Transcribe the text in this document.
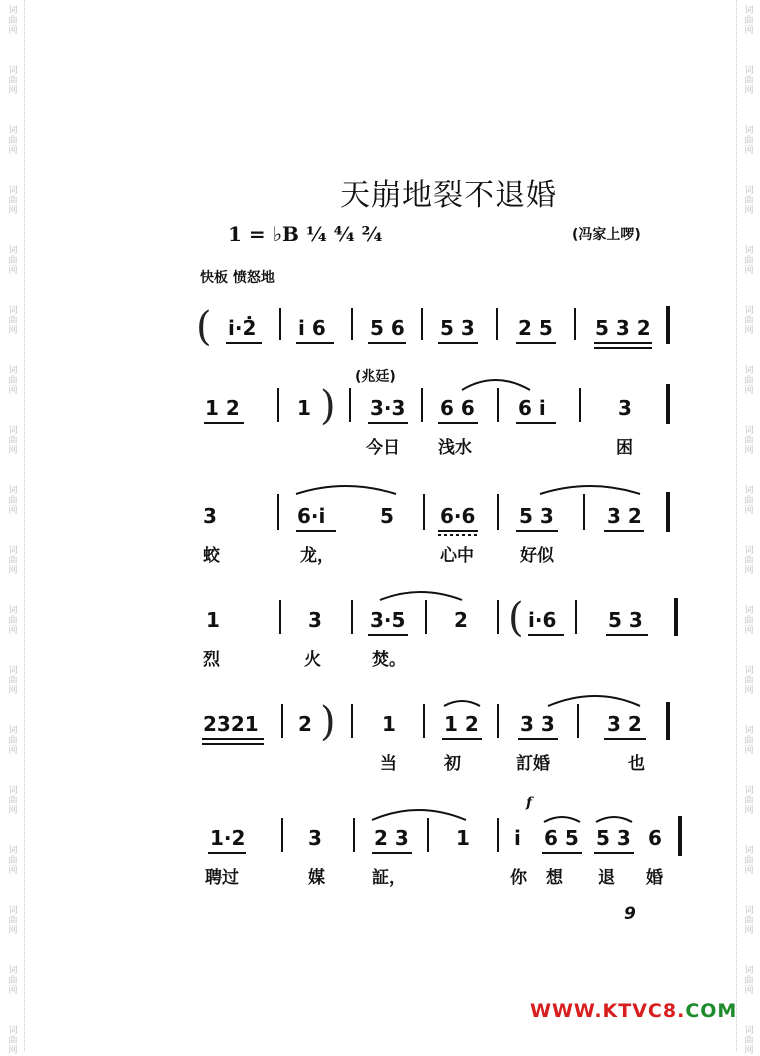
词
曲
网
词
曲
网
词
曲
网
词
曲
网
词
曲
网
词
曲
网
词
曲
网
词
曲
网
词
曲
网
词
曲
网
词
曲
网
词
曲
网
词
曲
网
词
曲
网
词
曲
网
词
曲
网
词
曲
网
词
曲
网
词
曲
网
词
曲
网
词
曲
网
词
曲
网
词
曲
网
词
曲
网
词
曲
网
词
曲
网
词
曲
网
词
曲
网
词
曲
网
词
曲
网
词
曲
网
词
曲
网
词
曲
网
词
曲
网
词
曲
网
词
曲
网
天崩地裂不退婚
1 = ♭B ¼ ⁴⁄₄ ²⁄₄	(冯家上啰)
快板 愤怒地
( i̇·2̇ i̇ 6 5 6 5 3 2 5 5 3 2
(兆廷)
1 2	1 ) 3·3 6 6 6 i̇	3
今日 浅水	困
3	6·i̇	5 6·6 5 3	3 2
蛟	龙，	心中	好似
1	3 3·5 2 ( i̇·6	5 3
烈	火	焚。
2321 2 ) 1 1 2 3 3	3 2
当	初	訂婚	也
f
1·2	3	2 3 1 i̇ 6 5 5 3 6
聘过	媒	証，	你 想 退 婚
9
WWW.KTVC8.COM
